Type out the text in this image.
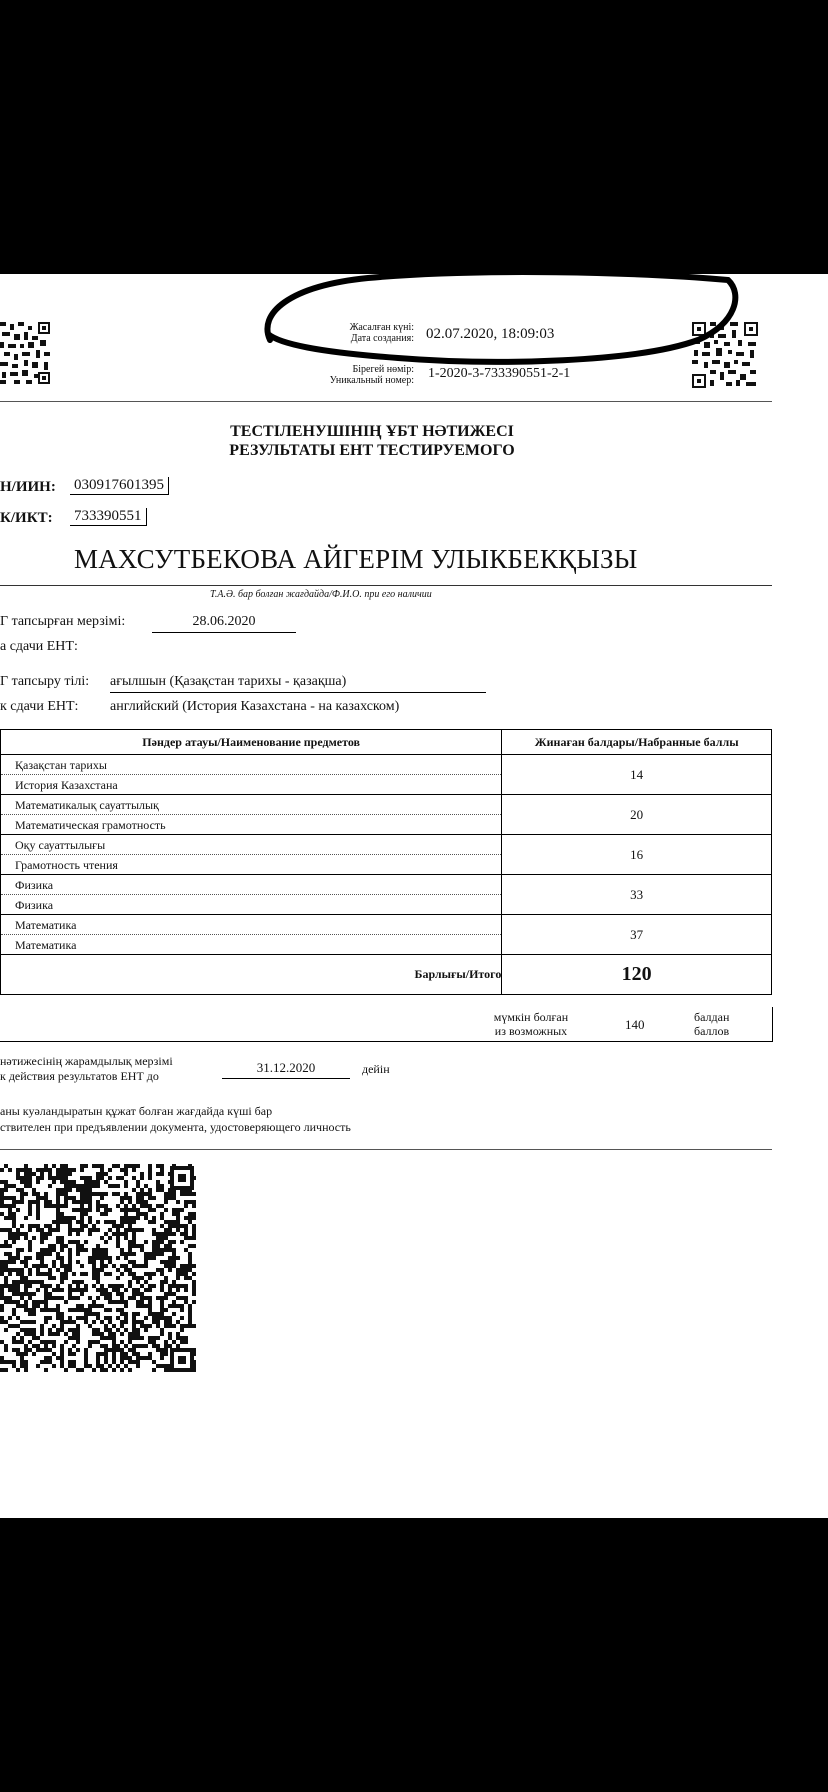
Жасалған күні:
Дата создания: 02.07.2020, 18:09:03
Бірегей нөмір:
Уникальный номер: 1-2020-3-733390551-2-1
ТЕСТІЛЕНУШІНІҢ ҰБТ НӘТИЖЕСІ
РЕЗУЛЬТАТЫ ЕНТ ТЕСТИРУЕМОГО
Н/ИИН: 030917601395
К/ИКТ: 733390551
МАХСУТБЕКОВА АЙГЕРІМ УЛЫКБЕКҚЫЗЫ
Т.А.Ә. бар болған жағдайда/Ф.И.О. при его наличии
Г тапсырған мерзімі:	28.06.2020
а сдачи ЕНТ:
Г тапсыру тілі: ағылшын (Қазақстан тарихы - қазақша)
к сдачи ЕНТ: английский (История Казахстана - на казахском)
Пәндер атауы/Наименование предметов	Жинаған балдары/Набранные баллы

Қазақстан тарихы
История Казахстана	14

Математикалық сауаттылық
Математическая грамотность	20

Оқу сауаттылығы
Грамотность чтения	16

Физика
Физика	33

Математика
Математика	37
Барлығы/Итого	120
мүмкін болған
из возможных	140	балдан
баллов
нәтижесінің жарамдылық мерзімі
к действия результатов ЕНТ до
31.12.2020	дейін
аны куәландыратын құжат болған жағдайда күші бар
ствителен при предъявлении документа, удостоверяющего личность
